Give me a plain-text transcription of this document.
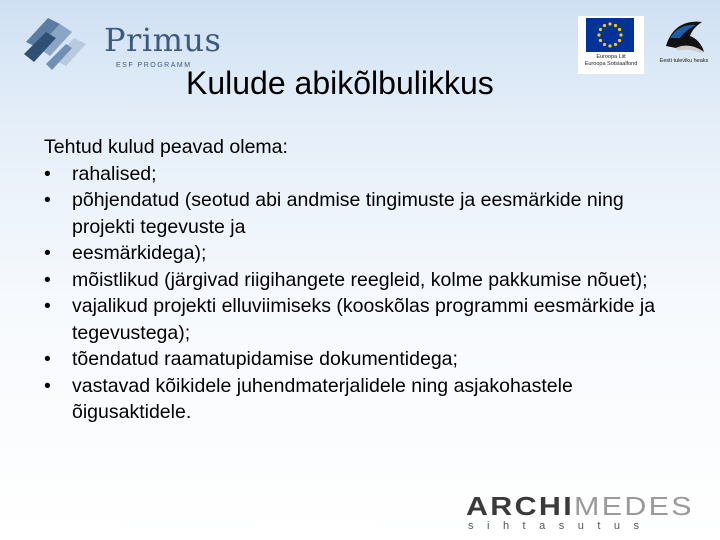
Primus
ESF PROGRAMM
Euroopa Liit
Euroopa Sotsiaalfond	Eesti tuleviku heaks
Kulude abikõlbulikkus

Tehtud kulud peavad olema:

• rahalised;
• põhjendatud (seotud abi andmise tingimuste ja eesmärkide ning projekti tegevuste ja
• eesmärkidega);
• mõistlikud (järgivad riigihangete reegleid, kolme pakkumise nõuet);
• vajalikud projekti elluviimiseks (kooskõlas programmi eesmärkide ja tegevustega);
• tõendatud raamatupidamise dokumentidega;
• vastavad kõikidele juhendmaterjalidele ning asjakohastele õigusaktidele.
ARCHIMEDES
sihtasutus
